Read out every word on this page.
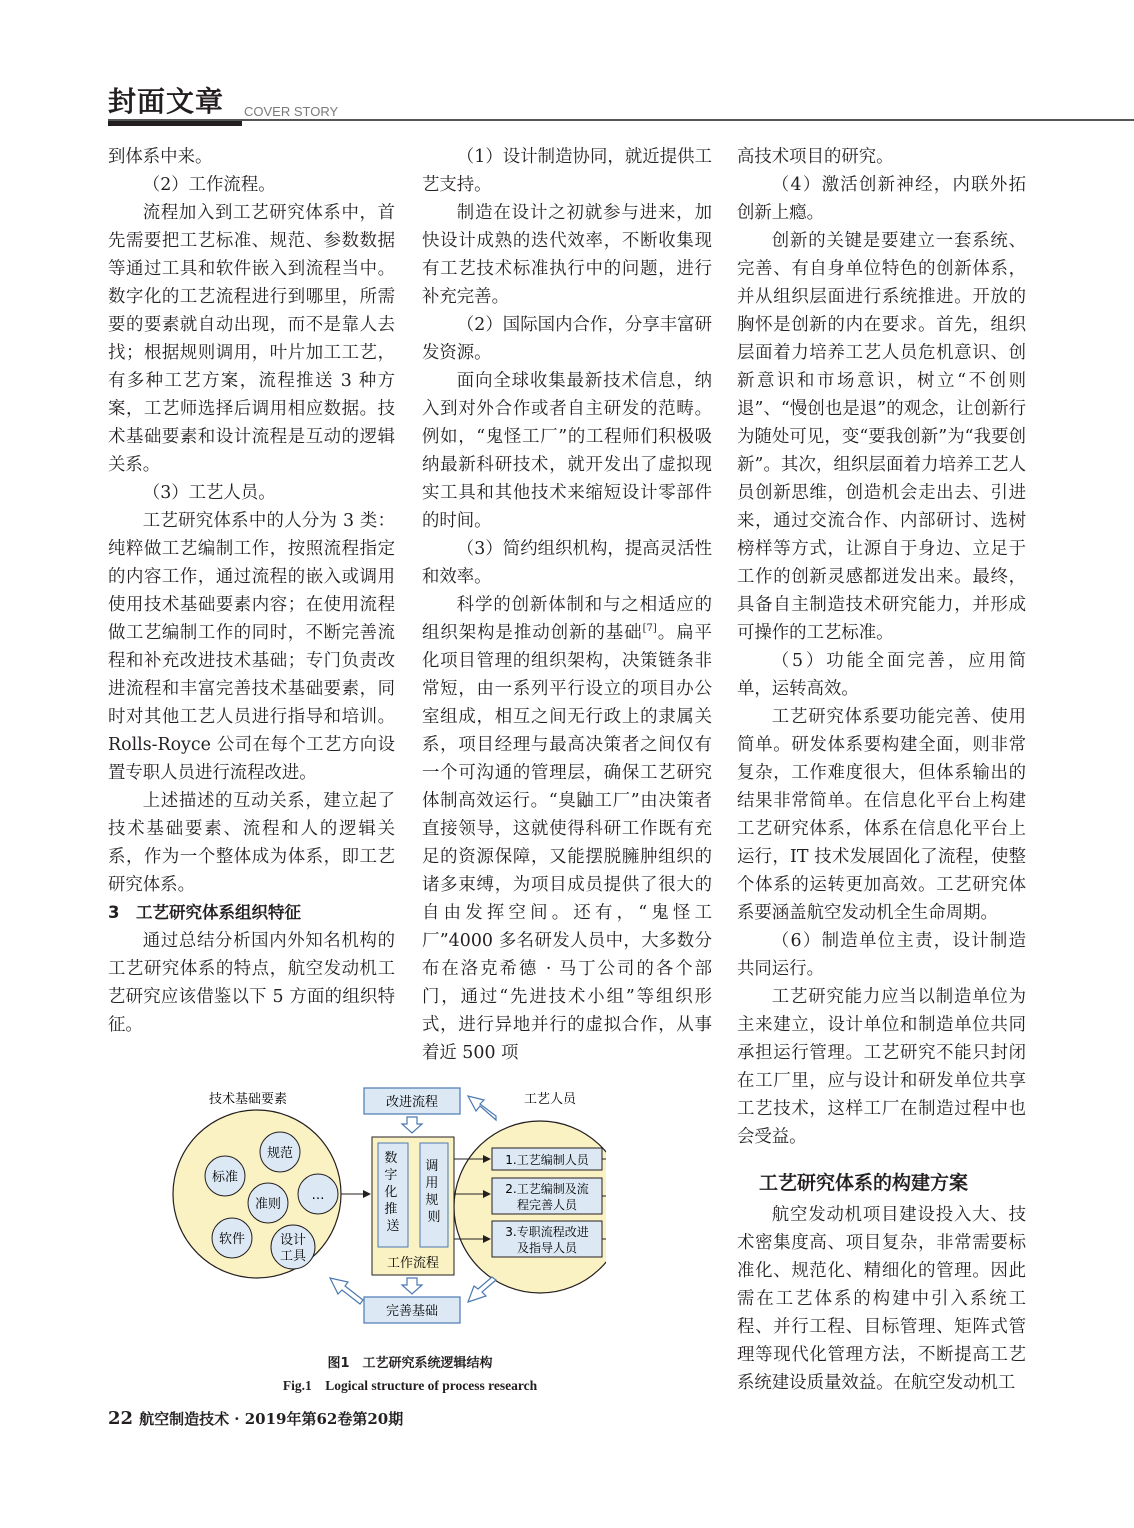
封面文章 COVER STORY

到体系中来。

（2）工作流程。

流程加入到工艺研究体系中，首先需要把工艺标准、规范、参数数据等通过工具和软件嵌入到流程当中。数字化的工艺流程进行到哪里，所需要的要素就自动出现，而不是靠人去找；根据规则调用，叶片加工工艺，有多种工艺方案，流程推送 3 种方案，工艺师选择后调用相应数据。技术基础要素和设计流程是互动的逻辑关系。

（3）工艺人员。

工艺研究体系中的人分为 3 类：纯粹做工艺编制工作，按照流程指定的内容工作，通过流程的嵌入或调用使用技术基础要素内容；在使用流程做工艺编制工作的同时，不断完善流程和补充改进技术基础；专门负责改进流程和丰富完善技术基础要素，同时对其他工艺人员进行指导和培训。Rolls-Royce 公司在每个工艺方向设置专职人员进行流程改进。

上述描述的互动关系，建立起了技术基础要素、流程和人的逻辑关系，作为一个整体成为体系，即工艺研究体系。

3　工艺研究体系组织特征

通过总结分析国内外知名机构的工艺研究体系的特点，航空发动机工艺研究应该借鉴以下 5 方面的组织特征。

（1）设计制造协同，就近提供工艺支持。

制造在设计之初就参与进来，加快设计成熟的迭代效率，不断收集现有工艺技术标准执行中的问题，进行补充完善。

（2）国际国内合作，分享丰富研发资源。

面向全球收集最新技术信息，纳入到对外合作或者自主研发的范畴。例如，“鬼怪工厂”的工程师们积极吸纳最新科研技术，就开发出了虚拟现实工具和其他技术来缩短设计零部件的时间。

（3）简约组织机构，提高灵活性和效率。

科学的创新体制和与之相适应的组织架构是推动创新的基础[7]。扁平化项目管理的组织架构，决策链条非常短，由一系列平行设立的项目办公室组成，相互之间无行政上的隶属关系，项目经理与最高决策者之间仅有一个可沟通的管理层，确保工艺研究体制高效运行。“臭鼬工厂”由决策者直接领导，这就使得科研工作既有充足的资源保障，又能摆脱臃肿组织的诸多束缚，为项目成员提供了很大的自由发挥空间。还有，“鬼怪工厂”4000 多名研发人员中，大多数分布在洛克希德 · 马丁公司的各个部门，通过“先进技术小组”等组织形式，进行异地并行的虚拟合作，从事着近 500 项

高技术项目的研究。

（4）激活创新神经，内联外拓创新上瘾。

创新的关键是要建立一套系统、完善、有自身单位特色的创新体系，并从组织层面进行系统推进。开放的胸怀是创新的内在要求。首先，组织层面着力培养工艺人员危机意识、创新意识和市场意识，树立“不创则退”、“慢创也是退”的观念，让创新行为随处可见，变“要我创新”为“我要创新”。其次，组织层面着力培养工艺人员创新思维，创造机会走出去、引进来，通过交流合作、内部研讨、选树榜样等方式，让源自于身边、立足于工作的创新灵感都迸发出来。最终，具备自主制造技术研究能力，并形成可操作的工艺标准。

（5）功能全面完善，应用简单，运转高效。

工艺研究体系要功能完善、使用简单。研发体系要构建全面，则非常复杂，工作难度很大，但体系输出的结果非常简单。在信息化平台上构建工艺研究体系，体系在信息化平台上运行，IT 技术发展固化了流程，使整个体系的运转更加高效。工艺研究体系要涵盖航空发动机全生命周期。

（6）制造单位主责，设计制造共同运行。

工艺研究能力应当以制造单位为主来建立，设计单位和制造单位共同承担运行管理。工艺研究不能只封闭在工厂里，应与设计和研发单位共享工艺技术，这样工厂在制造过程中也会受益。

工艺研究体系的构建方案

航空发动机项目建设投入大、技术密集度高、项目复杂，非常需要标准化、规范化、精细化的管理。因此需在工艺体系的构建中引入系统工程、并行工程、目标管理、矩阵式管理等现代化管理方法，不断提高工艺系统建设质量效益。在航空发动机工

技术基础要素
规范
标准
准则
…
软件	设计
工具
改进流程
数 字 化 推 送
调 用 规 则
工作流程
工艺人员
1.工艺编制人员
2.工艺编制及流
程完善人员
3.专职流程改进
及指导人员
完善基础
图1　工艺研究系统逻辑结构
Fig.1　Logical structure of process research
22 航空制造技术 · 2019年第62卷第20期
